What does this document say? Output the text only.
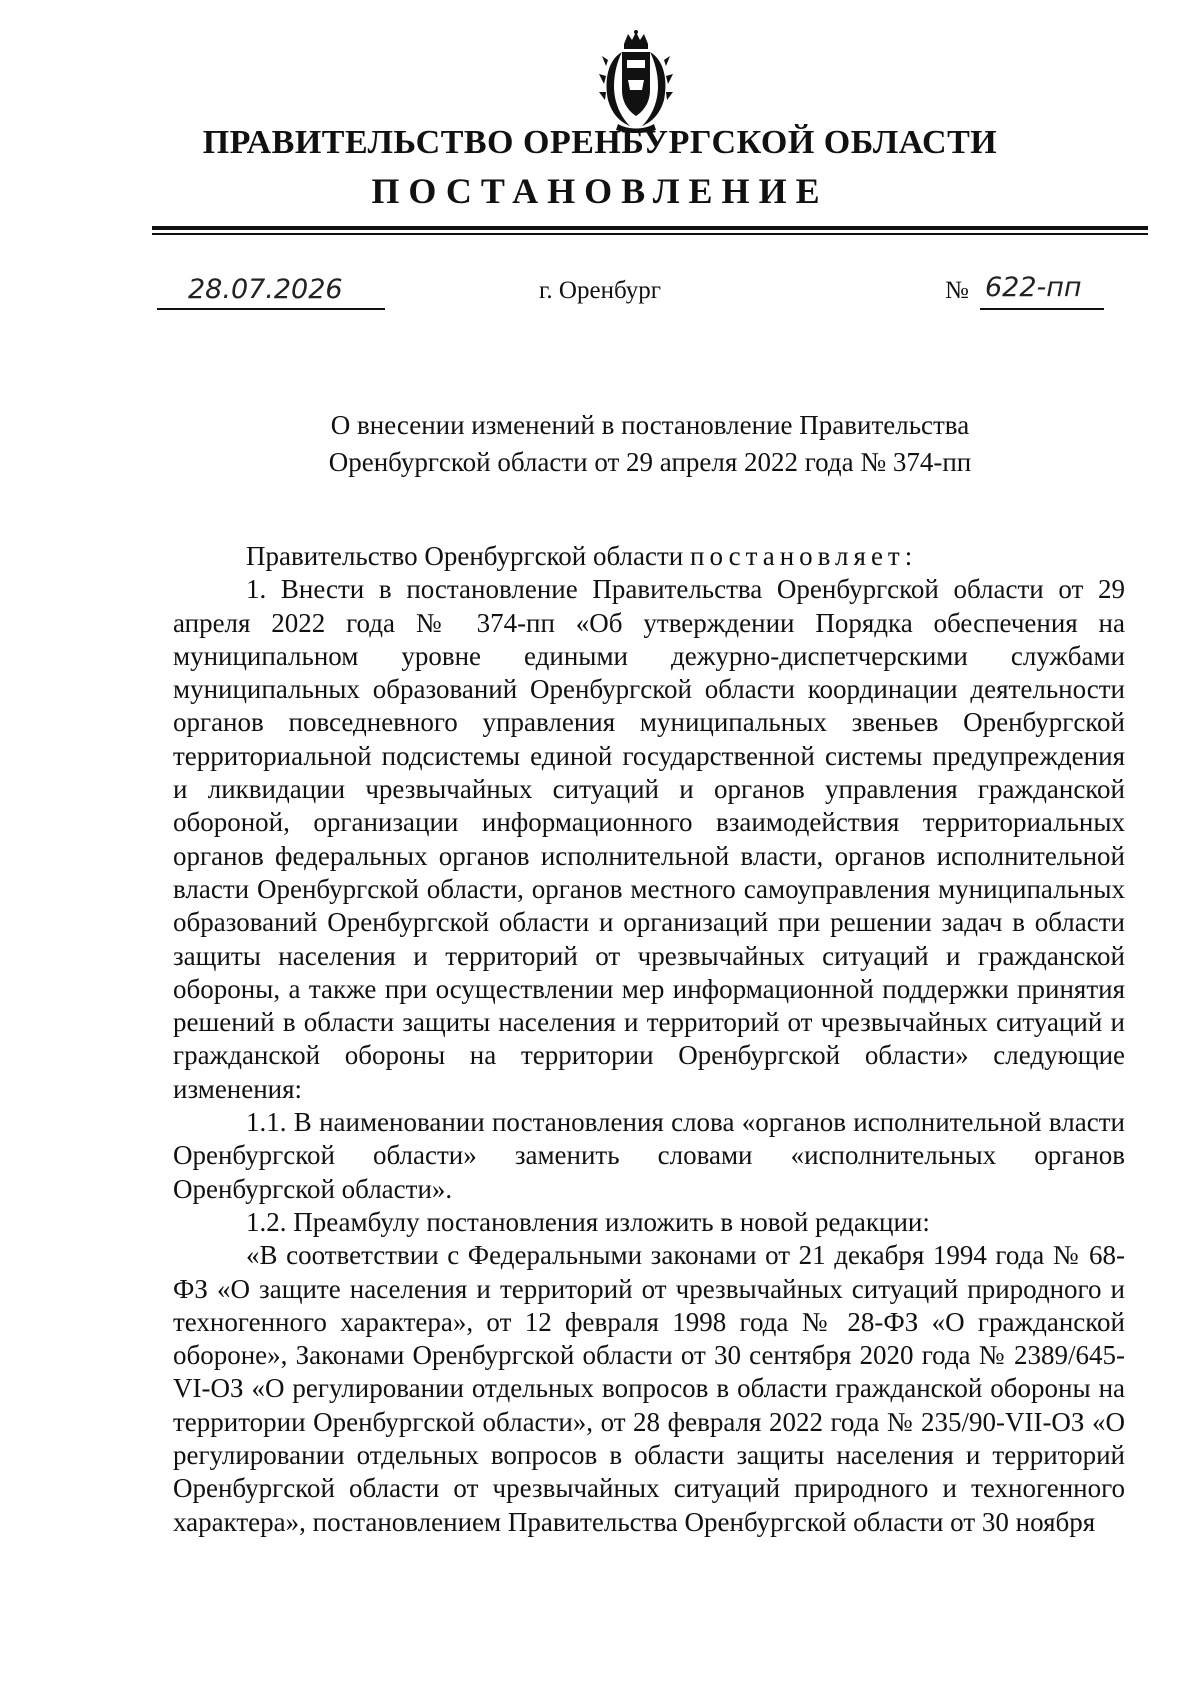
ПРАВИТЕЛЬСТВО ОРЕНБУРГСКОЙ ОБЛАСТИ
ПОСТАНОВЛЕНИЕ
28.07.2026	г. Оренбург	№ 622-пп
О внесении изменений в постановление Правительства
Оренбургской области от 29 апреля 2022 года № 374-пп

Правительство Оренбургской области постановляет:

1. Внести в постановление Правительства Оренбургской области от 29 апреля 2022 года № 374-пп «Об утверждении Порядка обеспечения на муниципальном уровне едиными дежурно-диспетчерскими службами муниципальных образований Оренбургской области координации деятельности органов повседневного управления муниципальных звеньев Оренбургской территориальной подсистемы единой государственной системы предупреждения и ликвидации чрезвычайных ситуаций и органов управления гражданской обороной, организации информационного взаимодействия территориальных органов федеральных органов исполнительной власти, органов исполнительной власти Оренбургской области, органов местного самоуправления муниципальных образований Оренбургской области и организаций при решении задач в области защиты населения и территорий от чрезвычайных ситуаций и гражданской обороны, а также при осуществлении мер информационной поддержки принятия решений в области защиты населения и территорий от чрезвычайных ситуаций и гражданской обороны на территории Оренбургской области» следующие изменения:

1.1. В наименовании постановления слова «органов исполнительной власти Оренбургской области» заменить словами «исполнительных органов Оренбургской области».

1.2. Преамбулу постановления изложить в новой редакции:

«В соответствии с Федеральными законами от 21 декабря 1994 года № 68-ФЗ «О защите населения и территорий от чрезвычайных ситуаций природного и техногенного характера», от 12 февраля 1998 года № 28-ФЗ «О гражданской обороне», Законами Оренбургской области от 30 сентября 2020 года № 2389/645-VI-ОЗ «О регулировании отдельных вопросов в области гражданской обороны на территории Оренбургской области», от 28 февраля 2022 года № 235/90-VII-ОЗ «О регулировании отдельных вопросов в области защиты населения и территорий Оренбургской области от чрезвычайных ситуаций природного и техногенного характера», постановлением Правительства Оренбургской области от 30 ноября
